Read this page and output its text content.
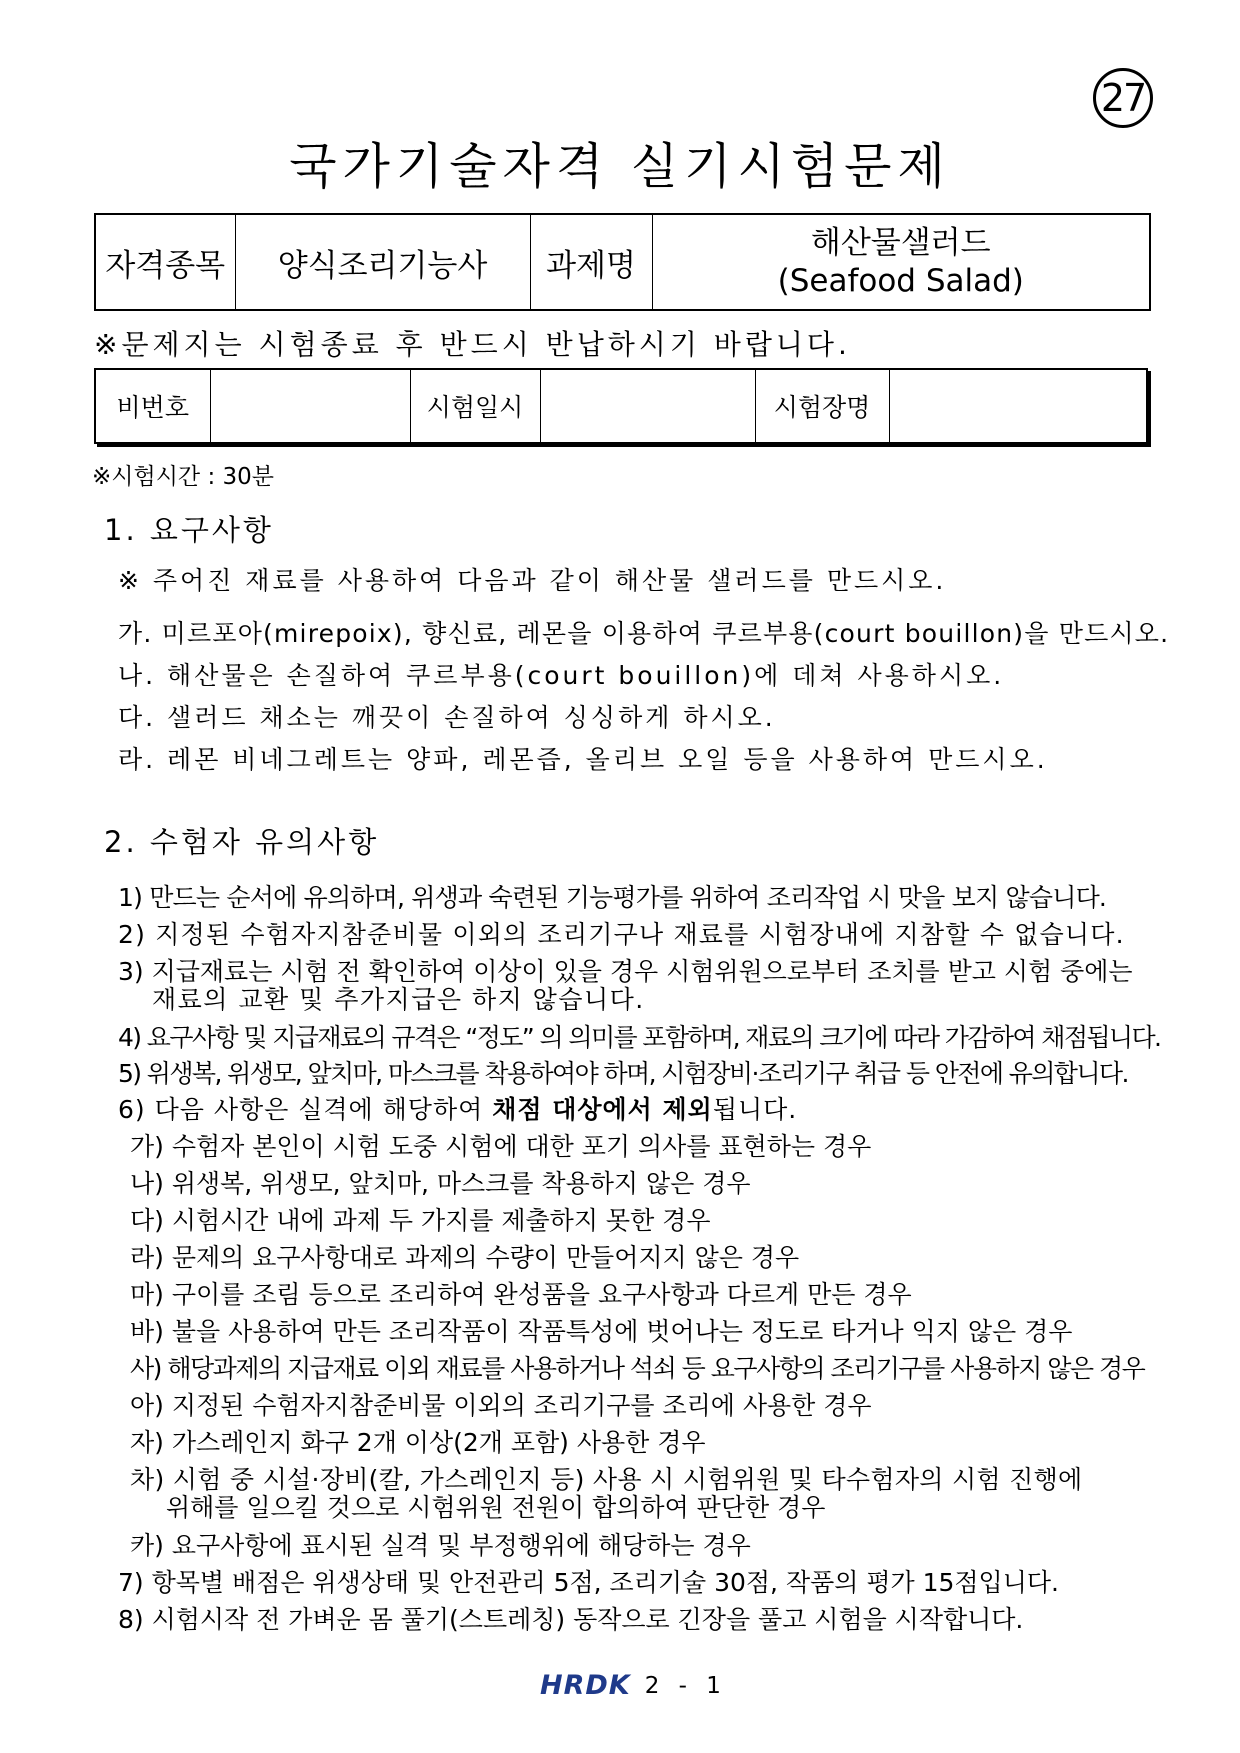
27
국가기술자격 실기시험문제
자격종목	양식조리기능사	과제명	
해산물샐러드
(Seafood Salad)
※문제지는 시험종료 후 반드시 반납하시기 바랍니다.
비번호		시험일시		시험장명	
※시험시간 : 30분
1. 요구사항
※ 주어진 재료를 사용하여 다음과 같이 해산물 샐러드를 만드시오.
가. 미르포아(mirepoix), 향신료, 레몬을 이용하여 쿠르부용(court bouillon)을 만드시오.
나. 해산물은 손질하여 쿠르부용(court bouillon)에 데쳐 사용하시오.
다. 샐러드 채소는 깨끗이 손질하여 싱싱하게 하시오.
라. 레몬 비네그레트는 양파, 레몬즙, 올리브 오일 등을 사용하여 만드시오.
2. 수험자 유의사항
1) 만드는 순서에 유의하며, 위생과 숙련된 기능평가를 위하여 조리작업 시 맛을 보지 않습니다.
2) 지정된 수험자지참준비물 이외의 조리기구나 재료를 시험장내에 지참할 수 없습니다.
3) 지급재료는 시험 전 확인하여 이상이 있을 경우 시험위원으로부터 조치를 받고 시험 중에는
재료의 교환 및 추가지급은 하지 않습니다.
4) 요구사항 및 지급재료의 규격은 “정도” 의 의미를 포함하며, 재료의 크기에 따라 가감하여 채점됩니다.
5) 위생복, 위생모, 앞치마, 마스크를 착용하여야 하며, 시험장비·조리기구 취급 등 안전에 유의합니다.
6) 다음 사항은 실격에 해당하여 채점 대상에서 제외됩니다.
가) 수험자 본인이 시험 도중 시험에 대한 포기 의사를 표현하는 경우
나) 위생복, 위생모, 앞치마, 마스크를 착용하지 않은 경우
다) 시험시간 내에 과제 두 가지를 제출하지 못한 경우
라) 문제의 요구사항대로 과제의 수량이 만들어지지 않은 경우
마) 구이를 조림 등으로 조리하여 완성품을 요구사항과 다르게 만든 경우
바) 불을 사용하여 만든 조리작품이 작품특성에 벗어나는 정도로 타거나 익지 않은 경우
사) 해당과제의 지급재료 이외 재료를 사용하거나 석쇠 등 요구사항의 조리기구를 사용하지 않은 경우
아) 지정된 수험자지참준비물 이외의 조리기구를 조리에 사용한 경우
자) 가스레인지 화구 2개 이상(2개 포함) 사용한 경우
차) 시험 중 시설·장비(칼, 가스레인지 등) 사용 시 시험위원 및 타수험자의 시험 진행에
위해를 일으킬 것으로 시험위원 전원이 합의하여 판단한 경우
카) 요구사항에 표시된 실격 및 부정행위에 해당하는 경우
7) 항목별 배점은 위생상태 및 안전관리 5점, 조리기술 30점, 작품의 평가 15점입니다.
8) 시험시작 전 가벼운 몸 풀기(스트레칭) 동작으로 긴장을 풀고 시험을 시작합니다.
HRDK 2 - 1
